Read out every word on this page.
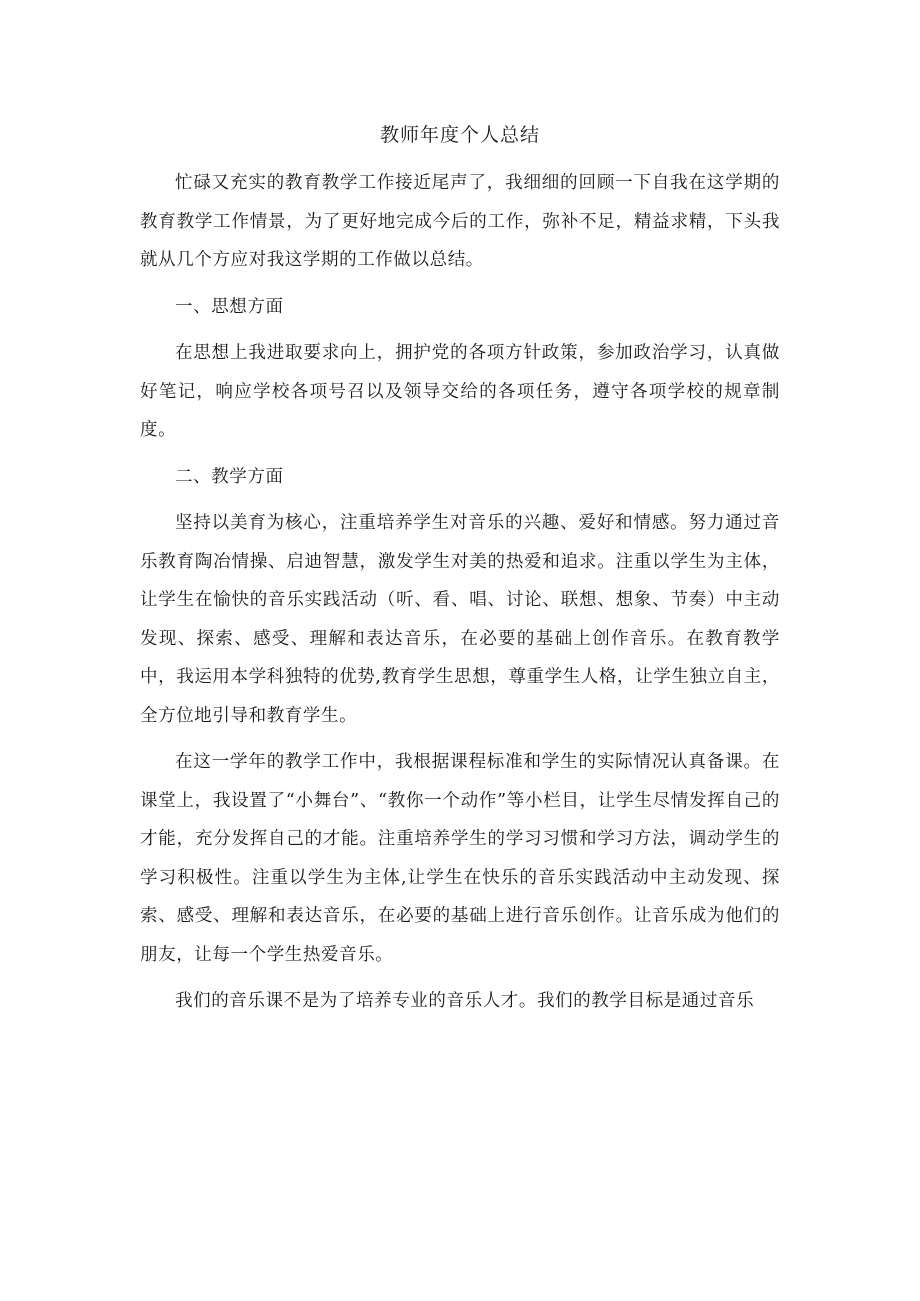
教师年度个人总结

忙碌又充实的教育教学工作接近尾声了，我细细的回顾一下自我在这学期的教育教学工作情景，为了更好地完成今后的工作，弥补不足，精益求精，下头我就从几个方应对我这学期的工作做以总结。

一、思想方面

在思想上我进取要求向上，拥护党的各项方针政策，参加政治学习，认真做好笔记，响应学校各项号召以及领导交给的各项任务，遵守各项学校的规章制度。

二、教学方面

坚持以美育为核心，注重培养学生对音乐的兴趣、爱好和情感。努力通过音乐教育陶冶情操、启迪智慧，激发学生对美的热爱和追求。注重以学生为主体，让学生在愉快的音乐实践活动（听、看、唱、讨论、联想、想象、节奏）中主动发现、探索、感受、理解和表达音乐，在必要的基础上创作音乐。在教育教学中，我运用本学科独特的优势,教育学生思想，尊重学生人格，让学生独立自主，全方位地引导和教育学生。

在这一学年的教学工作中，我根据课程标准和学生的实际情况认真备课。在课堂上，我设置了“小舞台”、“教你一个动作”等小栏目，让学生尽情发挥自己的才能，充分发挥自己的才能。注重培养学生的学习习惯和学习方法，调动学生的学习积极性。注重以学生为主体,让学生在快乐的音乐实践活动中主动发现、探索、感受、理解和表达音乐，在必要的基础上进行音乐创作。让音乐成为他们的朋友，让每一个学生热爱音乐。

我们的音乐课不是为了培养专业的音乐人才。我们的教学目标是通过音乐
